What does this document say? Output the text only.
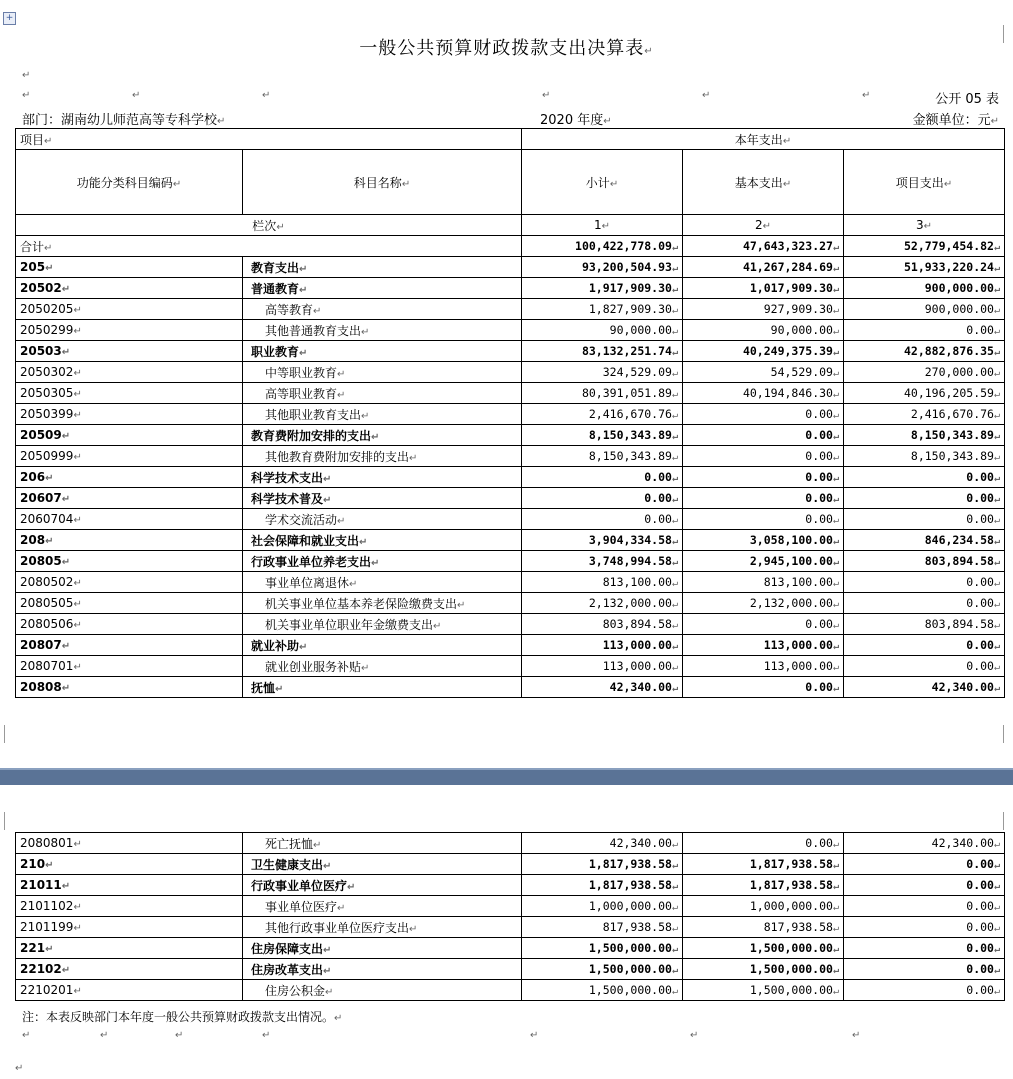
+
一般公共预算财政拨款支出决算表↵
↵
↵	↵	↵	↵	↵	↵	公开 05 表
部门：湖南幼儿师范高等专科学校↵	2020 年度↵	金额单位：元↵
项目↵		本年支出↵		
功能分类科目编码↵	科目名称↵	小计↵	基本支出↵	项目支出↵
栏次↵		1↵	2↵	3↵
合计↵		100,422,778.09↵	47,643,323.27↵	52,779,454.82↵
205↵	教育支出↵	93,200,504.93↵	41,267,284.69↵	51,933,220.24↵
20502↵	普通教育↵	1,917,909.30↵	1,017,909.30↵	900,000.00↵
2050205↵	高等教育↵	1,827,909.30↵	927,909.30↵	900,000.00↵
2050299↵	其他普通教育支出↵	90,000.00↵	90,000.00↵	0.00↵
20503↵	职业教育↵	83,132,251.74↵	40,249,375.39↵	42,882,876.35↵
2050302↵	中等职业教育↵	324,529.09↵	54,529.09↵	270,000.00↵
2050305↵	高等职业教育↵	80,391,051.89↵	40,194,846.30↵	40,196,205.59↵
2050399↵	其他职业教育支出↵	2,416,670.76↵	0.00↵	2,416,670.76↵
20509↵	教育费附加安排的支出↵	8,150,343.89↵	0.00↵	8,150,343.89↵
2050999↵	其他教育费附加安排的支出↵	8,150,343.89↵	0.00↵	8,150,343.89↵
206↵	科学技术支出↵	0.00↵	0.00↵	0.00↵
20607↵	科学技术普及↵	0.00↵	0.00↵	0.00↵
2060704↵	学术交流活动↵	0.00↵	0.00↵	0.00↵
208↵	社会保障和就业支出↵	3,904,334.58↵	3,058,100.00↵	846,234.58↵
20805↵	行政事业单位养老支出↵	3,748,994.58↵	2,945,100.00↵	803,894.58↵
2080502↵	事业单位离退休↵	813,100.00↵	813,100.00↵	0.00↵
2080505↵	机关事业单位基本养老保险缴费支出↵	2,132,000.00↵	2,132,000.00↵	0.00↵
2080506↵	机关事业单位职业年金缴费支出↵	803,894.58↵	0.00↵	803,894.58↵
20807↵	就业补助↵	113,000.00↵	113,000.00↵	0.00↵
2080701↵	就业创业服务补贴↵	113,000.00↵	113,000.00↵	0.00↵
20808↵	抚恤↵	42,340.00↵	0.00↵	42,340.00↵
2080801↵	死亡抚恤↵	42,340.00↵	0.00↵	42,340.00↵
210↵	卫生健康支出↵	1,817,938.58↵	1,817,938.58↵	0.00↵
21011↵	行政事业单位医疗↵	1,817,938.58↵	1,817,938.58↵	0.00↵
2101102↵	事业单位医疗↵	1,000,000.00↵	1,000,000.00↵	0.00↵
2101199↵	其他行政事业单位医疗支出↵	817,938.58↵	817,938.58↵	0.00↵
221↵	住房保障支出↵	1,500,000.00↵	1,500,000.00↵	0.00↵
22102↵	住房改革支出↵	1,500,000.00↵	1,500,000.00↵	0.00↵
2210201↵	住房公积金↵	1,500,000.00↵	1,500,000.00↵	0.00↵
注：本表反映部门本年度一般公共预算财政拨款支出情况。↵
↵	↵	↵	↵	↵	↵	↵
↵
